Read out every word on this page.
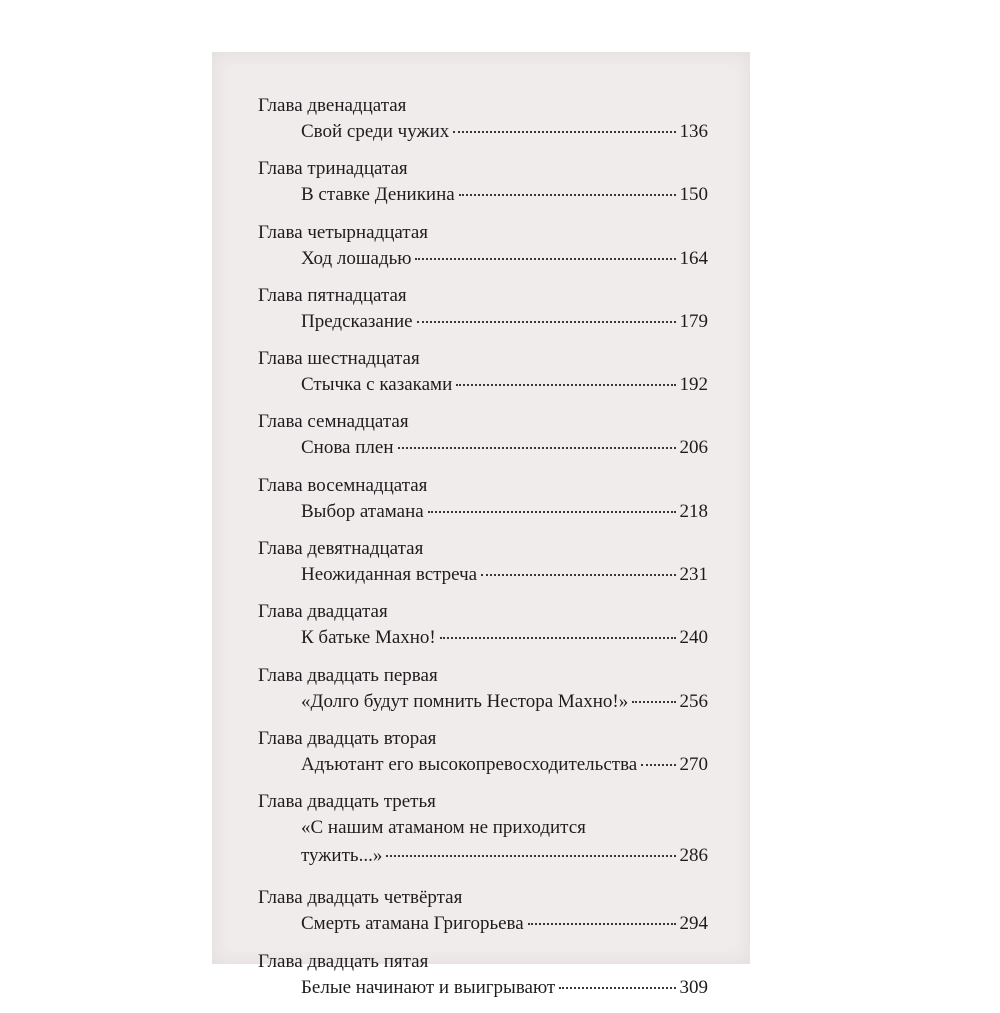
Глава двенадцатая
Свой среди чужих	136
Глава тринадцатая
В ставке Деникина	150
Глава четырнадцатая
Ход лошадью	164
Глава пятнадцатая
Предсказание	179
Глава шестнадцатая
Стычка с казаками	192
Глава семнадцатая
Снова плен	206
Глава восемнадцатая
Выбор атамана	218
Глава девятнадцатая
Неожиданная встреча	231
Глава двадцатая
К батьке Махно!	240
Глава двадцать первая
«Долго будут помнить Нестора Махно!»	256
Глава двадцать вторая
Адъютант его высокопревосходительства 270
Глава двадцать третья
«С нашим атаманом не приходится
тужить...»	286
Глава двадцать четвёртая
Смерть атамана Григорьева	294
Глава двадцать пятая
Белые начинают и выигрывают	309
